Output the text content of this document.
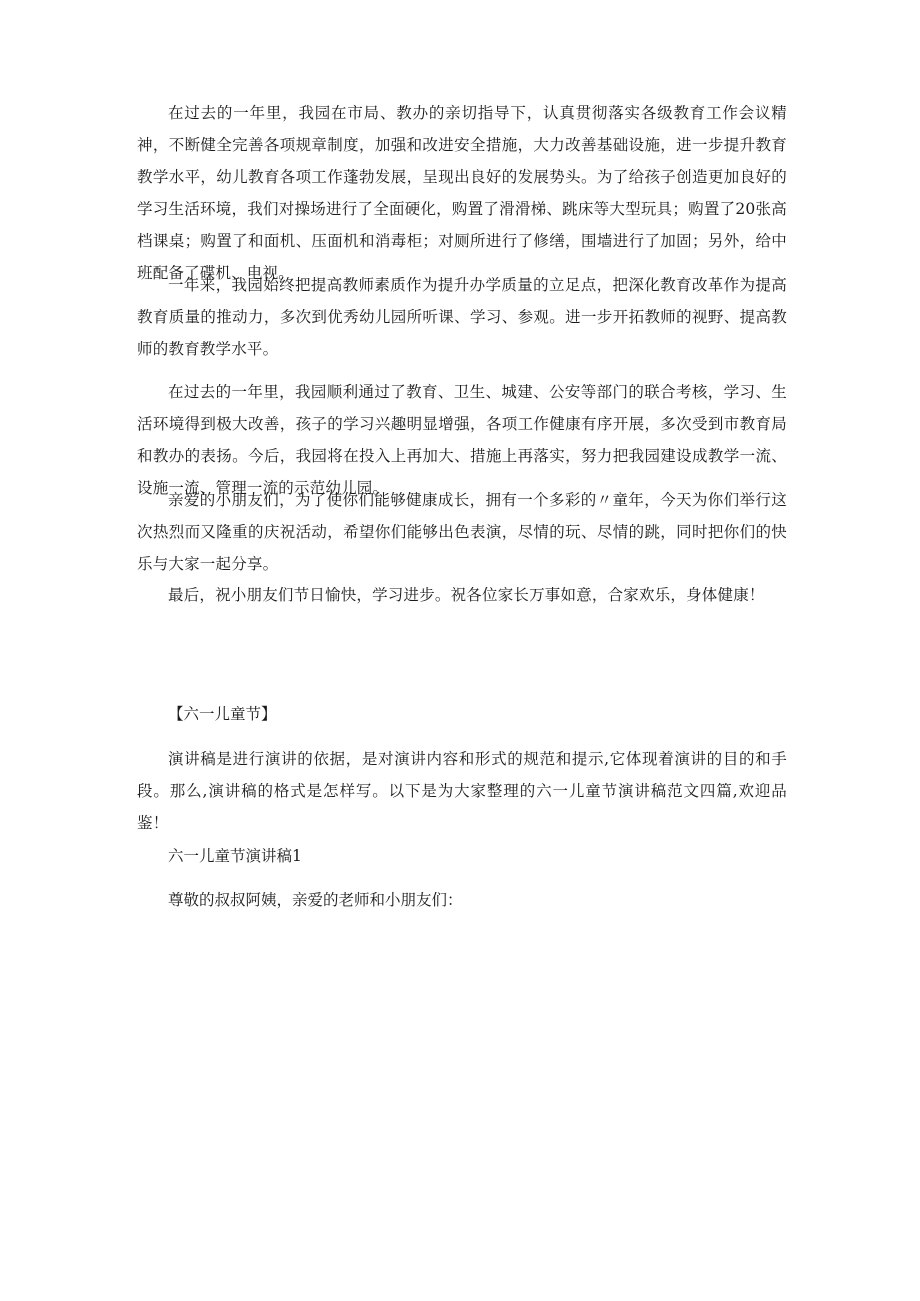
在过去的一年里，我园在市局、教办的亲切指导下，认真贯彻落实各级教育工作会议精神，不断健全完善各项规章制度，加强和改进安全措施，大力改善基础设施，进一步提升教育教学水平，幼儿教育各项工作蓬勃发展，呈现出良好的发展势头。为了给孩子创造更加良好的学习生活环境，我们对操场进行了全面硬化，购置了滑滑梯、跳床等大型玩具；购置了20张高档课桌；购置了和面机、压面机和消毒柜；对厕所进行了修缮，围墙进行了加固；另外，给中班配备了碟机、电视。

一年来，我园始终把提高教师素质作为提升办学质量的立足点，把深化教育改革作为提高教育质量的推动力，多次到优秀幼儿园所听课、学习、参观。进一步开拓教师的视野、提高教师的教育教学水平。

在过去的一年里，我园顺利通过了教育、卫生、城建、公安等部门的联合考核，学习、生活环境得到极大改善，孩子的学习兴趣明显增强，各项工作健康有序开展，多次受到市教育局和教办的表扬。今后，我园将在投入上再加大、措施上再落实，努力把我园建设成教学一流、设施一流、管理一流的示范幼儿园。

亲爱的小朋友们，为了使你们能够健康成长，拥有一个多彩的〃童年，今天为你们举行这次热烈而又隆重的庆祝活动，希望你们能够出色表演，尽情的玩、尽情的跳，同时把你们的快乐与大家一起分享。

最后，祝小朋友们节日愉快，学习进步。祝各位家长万事如意，合家欢乐，身体健康！

【六一儿童节】

演讲稿是进行演讲的依据，是对演讲内容和形式的规范和提示,它体现着演讲的目的和手段。那么,演讲稿的格式是怎样写。以下是为大家整理的六一儿童节演讲稿范文四篇,欢迎品鉴！

六一儿童节演讲稿1

尊敬的叔叔阿姨，亲爱的老师和小朋友们：
